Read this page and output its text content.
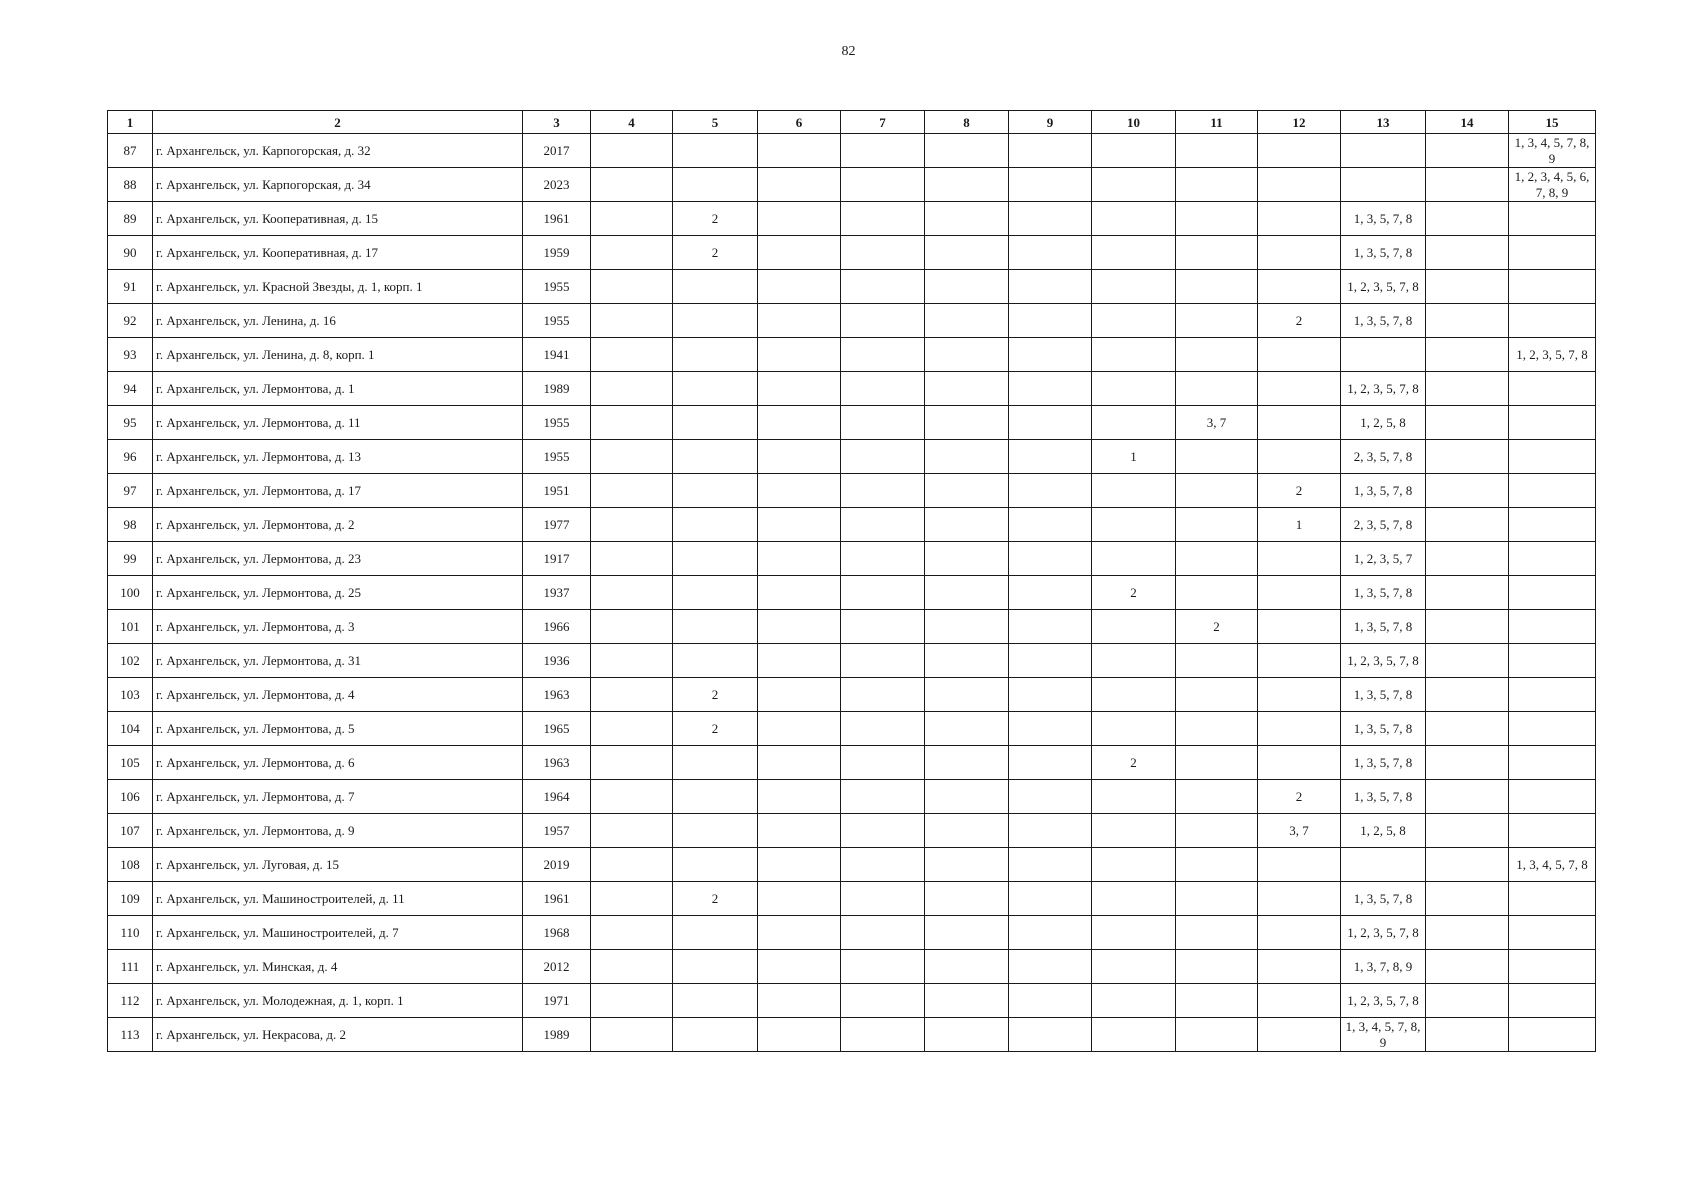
82
1	2	3	4	5	6	7	8	9	10	11	12	13	14	15
87	г. Архангельск, ул. Карпогорская, д. 32	2017												1, 3, 4, 5, 7, 8, 9
88	г. Архангельск, ул. Карпогорская, д. 34	2023												1, 2, 3, 4, 5, 6, 7, 8, 9
89	г. Архангельск, ул. Кооперативная, д. 15	1961		2								1, 3, 5, 7, 8		
90	г. Архангельск, ул. Кооперативная, д. 17	1959		2								1, 3, 5, 7, 8		
91	г. Архангельск, ул. Красной Звезды, д. 1, корп. 1	1955										1, 2, 3, 5, 7, 8		
92	г. Архангельск, ул. Ленина, д. 16	1955									2	1, 3, 5, 7, 8		
93	г. Архангельск, ул. Ленина, д. 8, корп. 1	1941												1, 2, 3, 5, 7, 8
94	г. Архангельск, ул. Лермонтова, д. 1	1989										1, 2, 3, 5, 7, 8		
95	г. Архангельск, ул. Лермонтова, д. 11	1955								3, 7		1, 2, 5, 8		
96	г. Архангельск, ул. Лермонтова, д. 13	1955							1			2, 3, 5, 7, 8		
97	г. Архангельск, ул. Лермонтова, д. 17	1951									2	1, 3, 5, 7, 8		
98	г. Архангельск, ул. Лермонтова, д. 2	1977									1	2, 3, 5, 7, 8		
99	г. Архангельск, ул. Лермонтова, д. 23	1917										1, 2, 3, 5, 7		
100	г. Архангельск, ул. Лермонтова, д. 25	1937							2			1, 3, 5, 7, 8		
101	г. Архангельск, ул. Лермонтова, д. 3	1966								2		1, 3, 5, 7, 8		
102	г. Архангельск, ул. Лермонтова, д. 31	1936										1, 2, 3, 5, 7, 8		
103	г. Архангельск, ул. Лермонтова, д. 4	1963		2								1, 3, 5, 7, 8		
104	г. Архангельск, ул. Лермонтова, д. 5	1965		2								1, 3, 5, 7, 8		
105	г. Архангельск, ул. Лермонтова, д. 6	1963							2			1, 3, 5, 7, 8		
106	г. Архангельск, ул. Лермонтова, д. 7	1964									2	1, 3, 5, 7, 8		
107	г. Архангельск, ул. Лермонтова, д. 9	1957									3, 7	1, 2, 5, 8		
108	г. Архангельск, ул. Луговая, д. 15	2019												1, 3, 4, 5, 7, 8
109	г. Архангельск, ул. Машиностроителей, д. 11	1961		2								1, 3, 5, 7, 8		
110	г. Архангельск, ул. Машиностроителей, д. 7	1968										1, 2, 3, 5, 7, 8		
111	г. Архангельск, ул. Минская, д. 4	2012										1, 3, 7, 8, 9		
112	г. Архангельск, ул. Молодежная, д. 1, корп. 1	1971										1, 2, 3, 5, 7, 8		
113	г. Архангельск, ул. Некрасова, д. 2	1989										1, 3, 4, 5, 7, 8, 9		
